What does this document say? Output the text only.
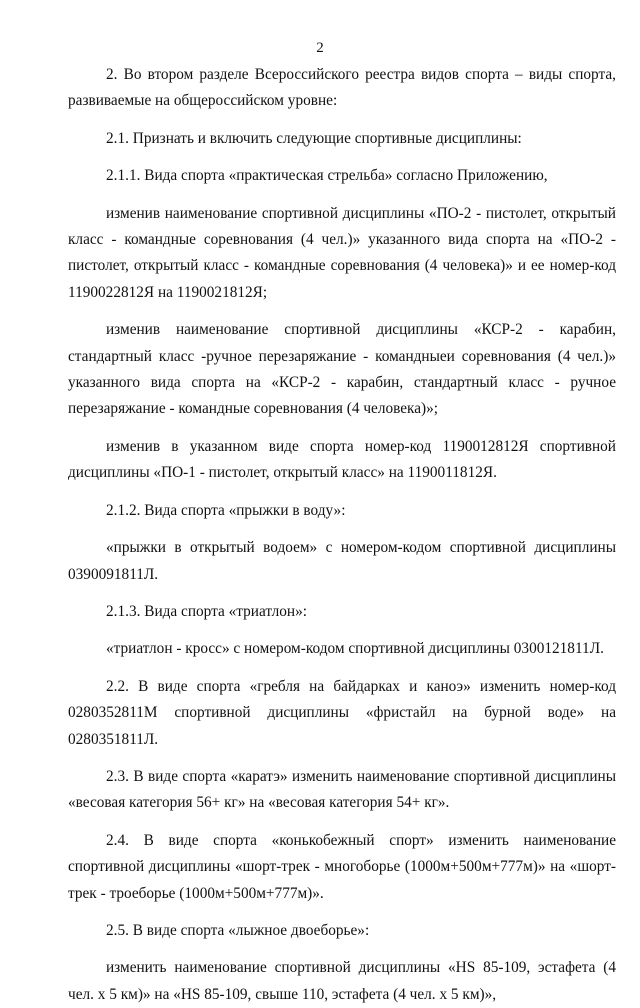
2

2. Во втором разделе Всероссийского реестра видов спорта – виды спорта, развиваемые на общероссийском уровне:

2.1. Признать и включить следующие спортивные дисциплины:

2.1.1. Вида спорта «практическая стрельба» согласно Приложению,

изменив наименование спортивной дисциплины «ПО-2 - пистолет, открытый класс - командные соревнования (4 чел.)» указанного вида спорта на «ПО-2 - пистолет, открытый класс - командные соревнования (4 человека)» и ее номер-код 1190022812Я на 1190021812Я;

изменив наименование спортивной дисциплины «КСР-2 - карабин, стандартный класс -ручное перезаряжание - командныеи соревнования (4 чел.)» указанного вида спорта на «КСР-2 - карабин, стандартный класс - ручное перезаряжание - командные соревнования (4 человека)»;

изменив в указанном виде спорта номер-код 1190012812Я спортивной дисциплины «ПО-1 - пистолет, открытый класс» на 1190011812Я.

2.1.2. Вида спорта «прыжки в воду»:

«прыжки в открытый водоем» с номером-кодом спортивной дисциплины 0390091811Л.

2.1.3. Вида спорта «триатлон»:

«триатлон - кросс» с номером-кодом спортивной дисциплины 0300121811Л.

2.2. В виде спорта «гребля на байдарках и каноэ» изменить номер-код 0280352811М спортивной дисциплины «фристайл на бурной воде» на 0280351811Л.

2.3. В виде спорта «каратэ» изменить наименование спортивной дисциплины «весовая категория 56+ кг» на «весовая категория 54+ кг».

2.4. В виде спорта «конькобежный спорт» изменить наименование спортивной дисциплины «шорт-трек - многоборье (1000м+500м+777м)» на «шорт-трек - троеборье (1000м+500м+777м)».

2.5. В виде спорта «лыжное двоеборье»:

изменить наименование спортивной дисциплины «HS 85-109, эстафета (4 чел. х 5 км)» на «HS 85-109, свыше 110, эстафета (4 чел. х 5 км)»,
